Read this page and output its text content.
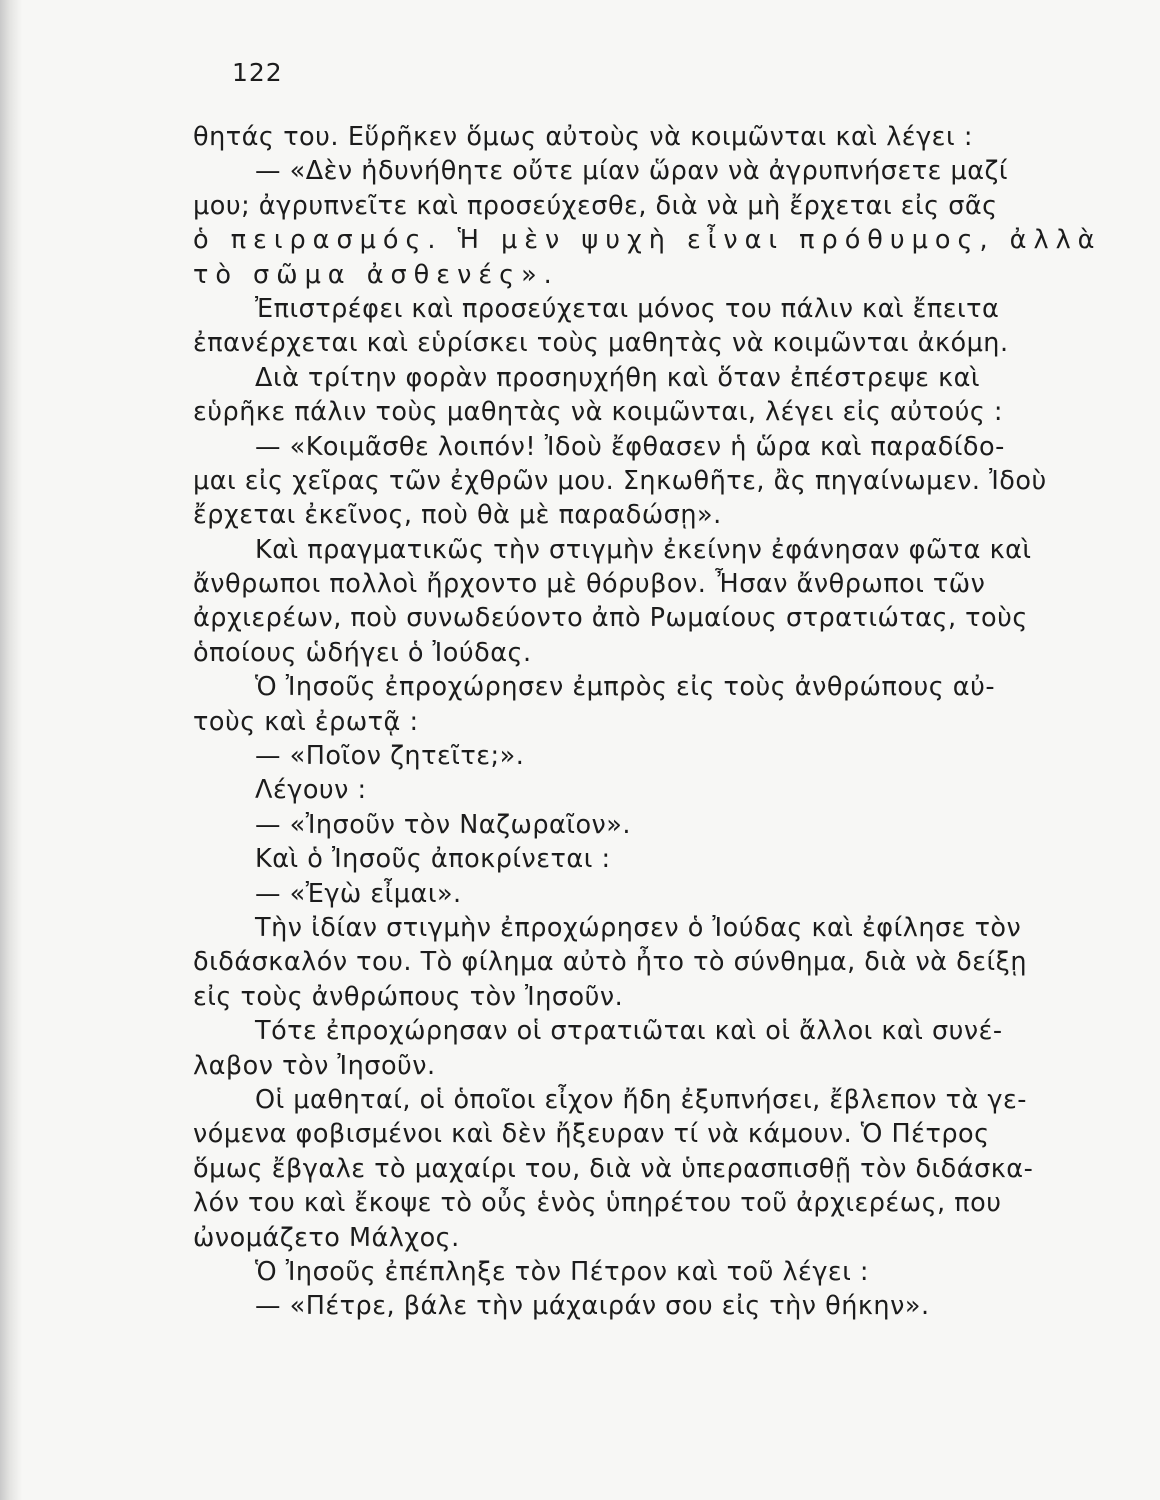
122
θητάς του. Εὕρῆκεν ὅμως αὐτοὺς νὰ κοιμῶνται καὶ λέγει :
— «Δὲν ἠδυνήθητε οὔτε μίαν ὥραν νὰ ἀγρυπνήσετε μαζί
μου; ἀγρυπνεῖτε καὶ προσεύχεσθε, διὰ νὰ μὴ ἔρχεται εἰς σᾶς
ὁ πειρασμός. Ἡ μὲν ψυχὴ εἶναι πρόθυμος, ἀλλὰ
τὸ σῶμα ἀσθενές».
Ἐπιστρέφει καὶ προσεύχεται μόνος του πάλιν καὶ ἔπειτα
ἐπανέρχεται καὶ εὑρίσκει τοὺς μαθητὰς νὰ κοιμῶνται ἀκόμη.
Διὰ τρίτην φορὰν προσηυχήθη καὶ ὅταν ἐπέστρεψε καὶ
εὑρῆκε πάλιν τοὺς μαθητὰς νὰ κοιμῶνται, λέγει εἰς αὐτούς :
— «Κοιμᾶσθε λοιπόν! Ἰδοὺ ἔφθασεν ἡ ὥρα καὶ παραδίδο-
μαι εἰς χεῖρας τῶν ἐχθρῶν μου. Σηκωθῆτε, ἂς πηγαίνωμεν. Ἰδοὺ
ἔρχεται ἐκεῖνος, ποὺ θὰ μὲ παραδώσῃ».
Καὶ πραγματικῶς τὴν στιγμὴν ἐκείνην ἐφάνησαν φῶτα καὶ
ἄνθρωποι πολλοὶ ἤρχοντο μὲ θόρυβον. Ἦσαν ἄνθρωποι τῶν
ἀρχιερέων, ποὺ συνωδεύοντο ἀπὸ Ρωμαίους στρατιώτας, τοὺς
ὁποίους ὡδήγει ὁ Ἰούδας.
Ὁ Ἰησοῦς ἐπροχώρησεν ἐμπρὸς εἰς τοὺς ἀνθρώπους αὐ-
τοὺς καὶ ἐρωτᾷ :
— «Ποῖον ζητεῖτε;».
Λέγουν :
— «Ἰησοῦν τὸν Ναζωραῖον».
Καὶ ὁ Ἰησοῦς ἀποκρίνεται :
— «Ἐγὼ εἶμαι».
Τὴν ἰδίαν στιγμὴν ἐπροχώρησεν ὁ Ἰούδας καὶ ἐφίλησε τὸν
διδάσκαλόν του. Τὸ φίλημα αὐτὸ ἦτο τὸ σύνθημα, διὰ νὰ δείξῃ
εἰς τοὺς ἀνθρώπους τὸν Ἰησοῦν.
Τότε ἐπροχώρησαν οἱ στρατιῶται καὶ οἱ ἄλλοι καὶ συνέ-
λαβον τὸν Ἰησοῦν.
Οἱ μαθηταί, οἱ ὁποῖοι εἶχον ἤδη ἐξυπνήσει, ἔβλεπον τὰ γε-
νόμενα φοβισμένοι καὶ δὲν ἤξευραν τί νὰ κάμουν. Ὁ Πέτρος
ὅμως ἔβγαλε τὸ μαχαίρι του, διὰ νὰ ὑπερασπισθῇ τὸν διδάσκα-
λόν του καὶ ἔκοψε τὸ οὖς ἑνὸς ὑπηρέτου τοῦ ἀρχιερέως, που
ὠνομάζετο Μάλχος.
Ὁ Ἰησοῦς ἐπέπληξε τὸν Πέτρον καὶ τοῦ λέγει :
— «Πέτρε, βάλε τὴν μάχαιράν σου εἰς τὴν θήκην».
